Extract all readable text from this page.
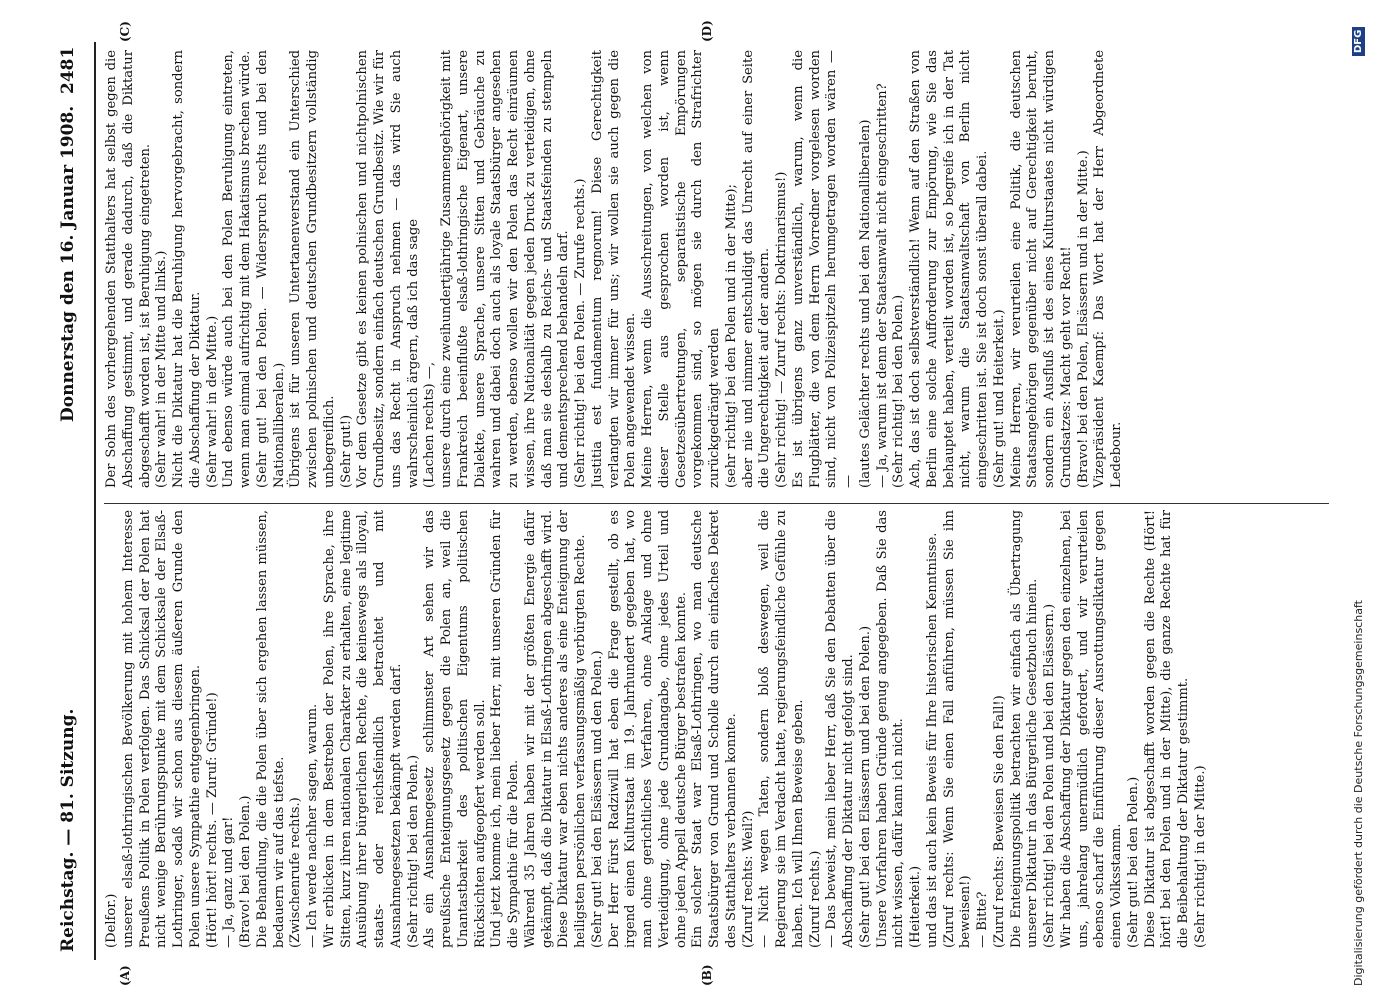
Reichstag. — 81. Sitzung.
Donnerstag den 16. Januar 1908.
2481
(A)	(B)
(C)	(D)

(Delfor.)
unserer elsaß-lothringischen Bevölkerung mit hohem Interesse Preußens Politik in Polen verfolgen. Das Schicksal der Polen hat nicht wenige Berührungspunkte mit dem Schicksale der Elsaß-Lothringer, sodaß wir schon aus diesem äußeren Grunde den Polen unsere Sympathie entgegenbringen.
(Hört! hört! rechts. — Zuruf: Gründe!)
— Ja, ganz und gar!
(Bravo! bei den Polen.)
Die Behandlung, die die Polen über sich ergehen lassen müssen, bedauern wir auf das tiefste.
(Zwischenrufe rechts.)
— Ich werde nachher sagen, warum.
Wir erblicken in dem Bestreben der Polen, ihre Sprache, ihre Sitten, kurz ihren nationalen Charakter zu erhalten, eine legitime Ausübung ihrer bürgerlichen Rechte, die keineswegs als illoyal, staats- oder reichsfeindlich betrachtet und mit Ausnahmegesetzen bekämpft werden darf.
(Sehr richtig! bei den Polen.)
Als ein Ausnahmegesetz schlimmster Art sehen wir das preußische Enteignungsgesetz gegen die Polen an, weil die Unantastbarkeit des politischen Eigentums politischen Rücksichten aufgeopfert werden soll.
Und jetzt komme ich, mein lieber Herr, mit unseren Gründen für die Sympathie für die Polen.
Während 35 Jahren haben wir mit der größten Energie dafür gekämpft, daß die Diktatur in Elsaß-Lothringen abgeschafft wird. Diese Diktatur war eben nichts anderes als eine Enteignung der heiligsten persönlichen verfassungsmäßig verbürgten Rechte.
(Sehr gut! bei den Elsässern und den Polen.)
Der Herr Fürst Radziwill hat eben die Frage gestellt, ob es irgend einen Kulturstaat im 19. Jahrhundert gegeben hat, wo man ohne gerichtliches Verfahren, ohne Anklage und ohne Verteidigung, ohne jede Grundangabe, ohne jedes Urteil und ohne jeden Appell deutsche Bürger bestrafen konnte.
Ein solcher Staat war Elsaß-Lothringen, wo man deutsche Staatsbürger von Grund und Scholle durch ein einfaches Dekret des Statthalters verbannen konnte.
(Zuruf rechts: Weil?)
— Nicht wegen Taten, sondern bloß deswegen, weil die Regierung sie im Verdacht hatte, regierungsfeindliche Gefühle zu haben. Ich will Ihnen Beweise geben.
(Zuruf rechts.)
— Das beweist, mein lieber Herr, daß Sie den Debatten über die Abschaffung der Diktatur nicht gefolgt sind.
(Sehr gut! bei den Elsässern und bei den Polen.)
Unsere Vorfahren haben Gründe genug angegeben. Daß Sie das nicht wissen, dafür kann ich nicht.
(Heiterkeit.)
und das ist auch kein Beweis für Ihre historischen Kenntnisse.
(Zuruf rechts: Wenn Sie einen Fall anführen, müssen Sie ihn beweisen!)
— Bitte?
(Zuruf rechts: Beweisen Sie den Fall!)
Die Enteignungspolitik betrachten wir einfach als Übertragung unserer Diktatur in das Bürgerliche Gesetzbuch hinein.
(Sehr richtig! bei den Polen und bei den Elsässern.)
Wir haben die Abschaffung der Diktatur gegen den einzelnen, bei uns, jahrelang unermüdlich gefordert, und wir verurteilen ebenso scharf die Einführung dieser Ausrottungsdiktatur gegen einen Volksstamm.
(Sehr gut! bei den Polen.)
Diese Diktatur ist abgeschafft worden gegen die Rechte (Hört! hört! bei den Polen und in der Mitte), die ganze Rechte hat für die Beibehaltung der Diktatur gestimmt.
(Sehr richtig! in der Mitte.)

Der Sohn des vorhergehenden Statthalters hat selbst gegen die Abschaffung gestimmt, und gerade dadurch, daß die Diktatur abgeschafft worden ist, ist Beruhigung eingetreten.
(Sehr wahr! in der Mitte und links.)
Nicht die Diktatur hat die Beruhigung hervorgebracht, sondern die Abschaffung der Diktatur.
(Sehr wahr! in der Mitte.)
Und ebenso würde auch bei den Polen Beruhigung eintreten, wenn man einmal aufrichtig mit dem Hakatismus brechen würde.
(Sehr gut! bei den Polen. — Widerspruch rechts und bei den Nationalliberalen.)
Übrigens ist für unseren Untertanenverstand ein Unterschied zwischen polnischen und deutschen Grundbesitzern vollständig unbegreiflich.
(Sehr gut!)
Vor dem Gesetze gibt es keinen polnischen und nichtpolnischen Grundbesitz, sondern einfach deutschen Grundbesitz. Wie wir für uns das Recht in Anspruch nehmen — das wird Sie auch wahrscheinlich ärgern, daß ich das sage
(Lachen rechts) —,
unsere durch eine zweihundertjährige Zusammengehörigkeit mit Frankreich beeinflußte elsaß-lothringische Eigenart, unsere Dialekte, unsere Sprache, unsere Sitten und Gebräuche zu wahren und dabei doch auch als loyale Staatsbürger angesehen zu werden, ebenso wollen wir den Polen das Recht einräumen wissen, ihre Nationalität gegen jeden Druck zu verteidigen, ohne daß man sie deshalb zu Reichs- und Staatsfeinden zu stempeln und dementsprechend behandeln darf.
(Sehr richtig! bei den Polen. — Zurufe rechts.)
Justitia est fundamentum regnorum! Diese Gerechtigkeit verlangten wir immer für uns; wir wollen sie auch gegen die Polen angewendet wissen.
Meine Herren, wenn die Ausschreitungen, von welchen von dieser Stelle aus gesprochen worden ist, wenn Gesetzesübertretungen, separatistische Empörungen vorgekommen sind, so mögen sie durch den Strafrichter zurückgedrängt werden
(sehr richtig! bei den Polen und in der Mitte);
aber nie und nimmer entschuldigt das Unrecht auf einer Seite die Ungerechtigkeit auf der andern.
(Sehr richtig! — Zuruf rechts: Doktrinarismus!)
Es ist übrigens ganz unverständlich, warum, wenn die Flugblätter, die von dem Herrn Vorredner vorgelesen worden sind, nicht von Polizeispitzeln herumgetragen worden wären — —
(lautes Gelächter rechts und bei den Nationalliberalen)
— Ja, warum ist denn der Staatsanwalt nicht eingeschritten?
(Sehr richtig! bei den Polen.)
Ach, das ist doch selbstverständlich! Wenn auf den Straßen von Berlin eine solche Aufforderung zur Empörung, wie Sie das behauptet haben, verteilt worden ist, so begreife ich in der Tat nicht, warum die Staatsanwaltschaft von Berlin nicht eingeschritten ist. Sie ist doch sonst überall dabei.
(Sehr gut! und Heiterkeit.)
Meine Herren, wir verurteilen eine Politik, die deutschen Staatsangehörigen gegenüber nicht auf Gerechtigkeit beruht, sondern ein Ausfluß ist des eines Kulturstaates nicht würdigen Grundsatzes: Macht geht vor Recht!
(Bravo! bei den Polen, Elsässern und in der Mitte.)
Vizepräsident Kaempf: Das Wort hat der Herr Abgeordnete Ledebour.

Digitalisierung gefördert durch die Deutsche Forschungsgemeinschaft
DFG
